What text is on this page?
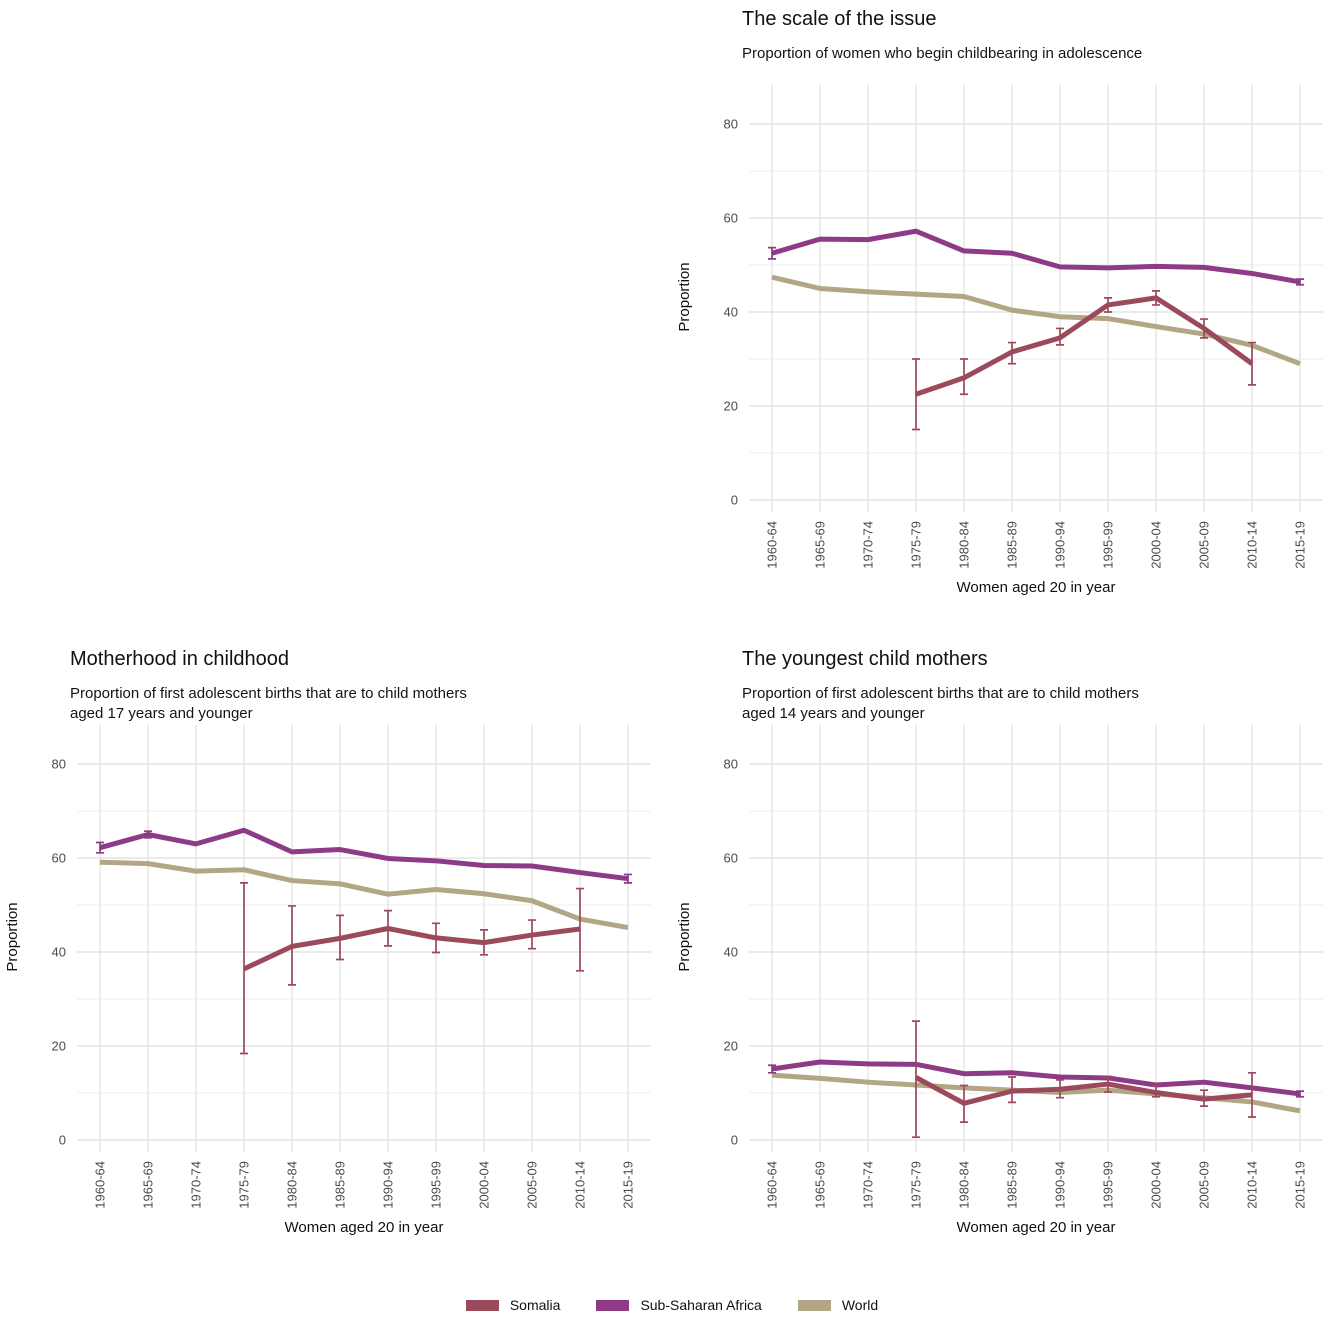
The scale of the issue
Proportion of women who begin childbearing in adolescence
0
20
40
60
80
1960-64	1965-69	1970-74	1975-79	1980-84	1985-89	1990-94	1995-99	2000-04	2005-09	2010-14	2015-19
Women aged 20 in year
Proportion
Motherhood in childhood
Proportion of first adolescent births that are to child mothers
aged 17 years and younger
0
20
40
60
80
1960-64	1965-69	1970-74	1975-79	1980-84	1985-89	1990-94	1995-99	2000-04	2005-09	2010-14	2015-19
Women aged 20 in year
Proportion
The youngest child mothers
Proportion of first adolescent births that are to child mothers
aged 14 years and younger
0
20
40
60
80
1960-64	1965-69	1970-74	1975-79	1980-84	1985-89	1990-94	1995-99	2000-04	2005-09	2010-14	2015-19
Women aged 20 in year
Proportion
Somalia	Sub-Saharan Africa	World
